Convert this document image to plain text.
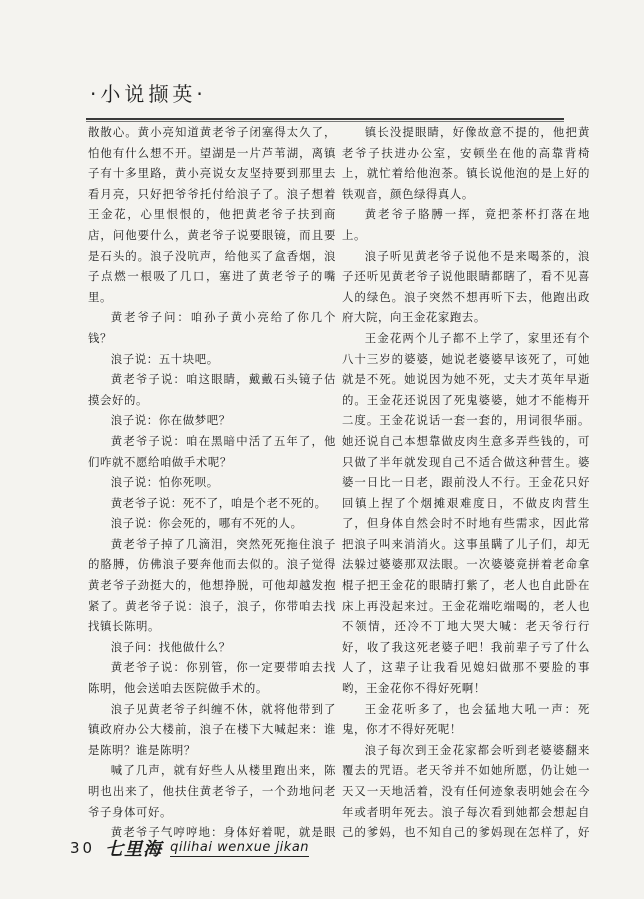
·小说撷英·

散散心。黄小亮知道黄老爷子闭塞得太久了，怕他有什么想不开。望湖是一片芦苇湖，离镇子有十多里路，黄小亮说女友坚持要到那里去看月亮，只好把爷爷托付给浪子了。浪子想着王金花，心里恨恨的，他把黄老爷子扶到商店，问他要什么，黄老爷子说要眼镜，而且要是石头的。浪子没吭声，给他买了盒香烟，浪子点燃一根吸了几口，塞进了黄老爷子的嘴里。

黄老爷子问：咱孙子黄小亮给了你几个钱？

浪子说：五十块吧。

黄老爷子说：咱这眼睛，戴戴石头镜子估摸会好的。

浪子说：你在做梦吧？

黄老爷子说：咱在黑暗中活了五年了，他们咋就不愿给咱做手术呢？

浪子说：怕你死呗。

黄老爷子说：死不了，咱是个老不死的。

浪子说：你会死的，哪有不死的人。

黄老爷子掉了几滴泪，突然死死拖住浪子的胳膊，仿佛浪子要奔他而去似的。浪子觉得黄老爷子劲挺大的，他想挣脱，可他却越发抱紧了。黄老爷子说：浪子，浪子，你带咱去找找镇长陈明。

浪子问：找他做什么？

黄老爷子说：你别管，你一定要带咱去找陈明，他会送咱去医院做手术的。

浪子见黄老爷子纠缠不休，就将他带到了镇政府办公大楼前，浪子在楼下大喊起来：谁是陈明？谁是陈明？

喊了几声，就有好些人从楼里跑出来，陈明也出来了，他扶住黄老爷子，一个劲地问老爷子身体可好。

黄老爷子气哼哼地：身体好着呢，就是眼

镇长没提眼睛，好像故意不提的，他把黄老爷子扶进办公室，安顿坐在他的高靠背椅上，就忙着给他泡茶。镇长说他泡的是上好的铁观音，颜色绿得真人。

黄老爷子胳膊一挥，竟把茶杯打落在地上。

浪子听见黄老爷子说他不是来喝茶的，浪子还听见黄老爷子说他眼睛都瞎了，看不见喜人的绿色。浪子突然不想再听下去，他跑出政府大院，向王金花家跑去。

王金花两个儿子都不上学了，家里还有个八十三岁的婆婆，她说老婆婆早该死了，可她就是不死。她说因为她不死，丈夫才英年早逝的。王金花还说因了死鬼婆婆，她才不能梅开二度。王金花说话一套一套的，用词很华丽。她还说自己本想靠做皮肉生意多弄些钱的，可只做了半年就发现自己不适合做这种营生。婆婆一日比一日老，跟前没人不行。王金花只好回镇上捏了个烟摊艰难度日，不做皮肉营生了，但身体自然会时不时地有些需求，因此常把浪子叫来消消火。这事虽瞒了儿子们，却无法躲过婆婆那双法眼。一次婆婆竟拼着老命拿棍子把王金花的眼睛打紫了，老人也自此卧在床上再没起来过。王金花端吃端喝的，老人也不领情，还冷不丁地大哭大喊：老天爷行行好，收了我这死老婆子吧！我前辈子亏了什么人了，这辈子让我看见媳妇做那不要脸的事哟，王金花你不得好死啊！

王金花听多了，也会猛地大吼一声：死鬼，你才不得好死呢！

浪子每次到王金花家都会听到老婆婆翻来覆去的咒语。老天爷并不如她所愿，仍让她一天又一天地活着，没有任何迹象表明她会在今年或者明年死去。浪子每次看到她都会想起自己的爹妈，也不知自己的爹妈现在怎样了，好

30 七里海 qilihai wenxue jikan
